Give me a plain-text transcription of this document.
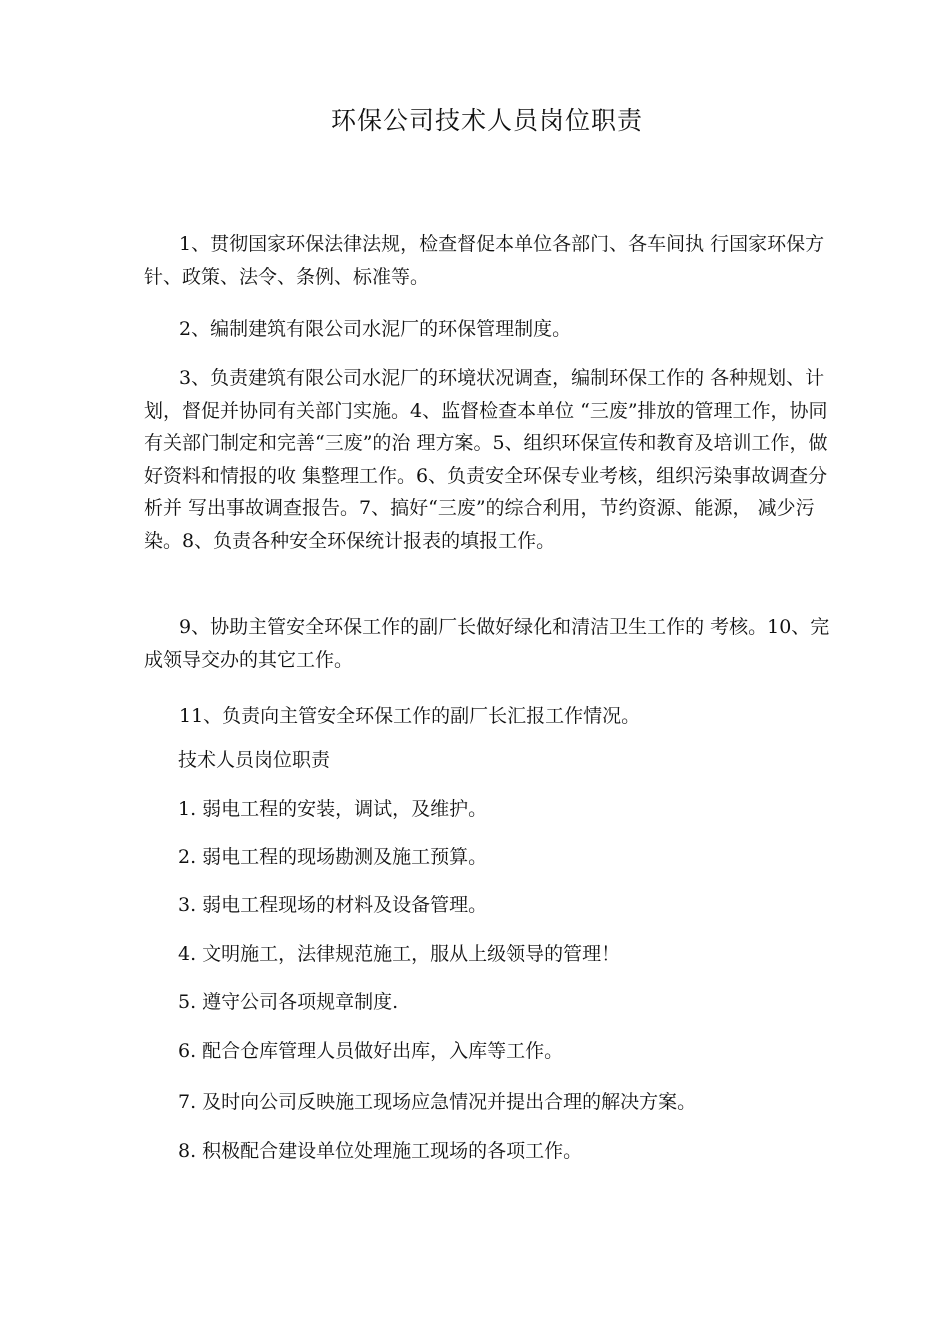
环保公司技术人员岗位职责

1、贯彻国家环保法律法规，检查督促本单位各部门、各车间执 行国家环保方针、政策、法令、条例、标准等。

2、编制建筑有限公司水泥厂的环保管理制度。

3、负责建筑有限公司水泥厂的环境状况调查，编制环保工作的 各种规划、计划，督促并协同有关部门实施。4、监督检查本单位 “三废”排放的管理工作，协同有关部门制定和完善“三废”的治 理方案。5、组织环保宣传和教育及培训工作，做好资料和情报的收 集整理工作。6、负责安全环保专业考核，组织污染事故调查分析并 写出事故调查报告。7、搞好“三废”的综合利用，节约资源、能源， 减少污染。8、负责各种安全环保统计报表的填报工作。

9、协助主管安全环保工作的副厂长做好绿化和清洁卫生工作的 考核。10、完成领导交办的其它工作。

11、负责向主管安全环保工作的副厂长汇报工作情况。

技术人员岗位职责

1. 弱电工程的安装，调试，及维护。

2. 弱电工程的现场勘测及施工预算。

3. 弱电工程现场的材料及设备管理。

4. 文明施工，法律规范施工，服从上级领导的管理！

5. 遵守公司各项规章制度.

6. 配合仓库管理人员做好出库，入库等工作。

7. 及时向公司反映施工现场应急情况并提出合理的解决方案。

8. 积极配合建设单位处理施工现场的各项工作。
